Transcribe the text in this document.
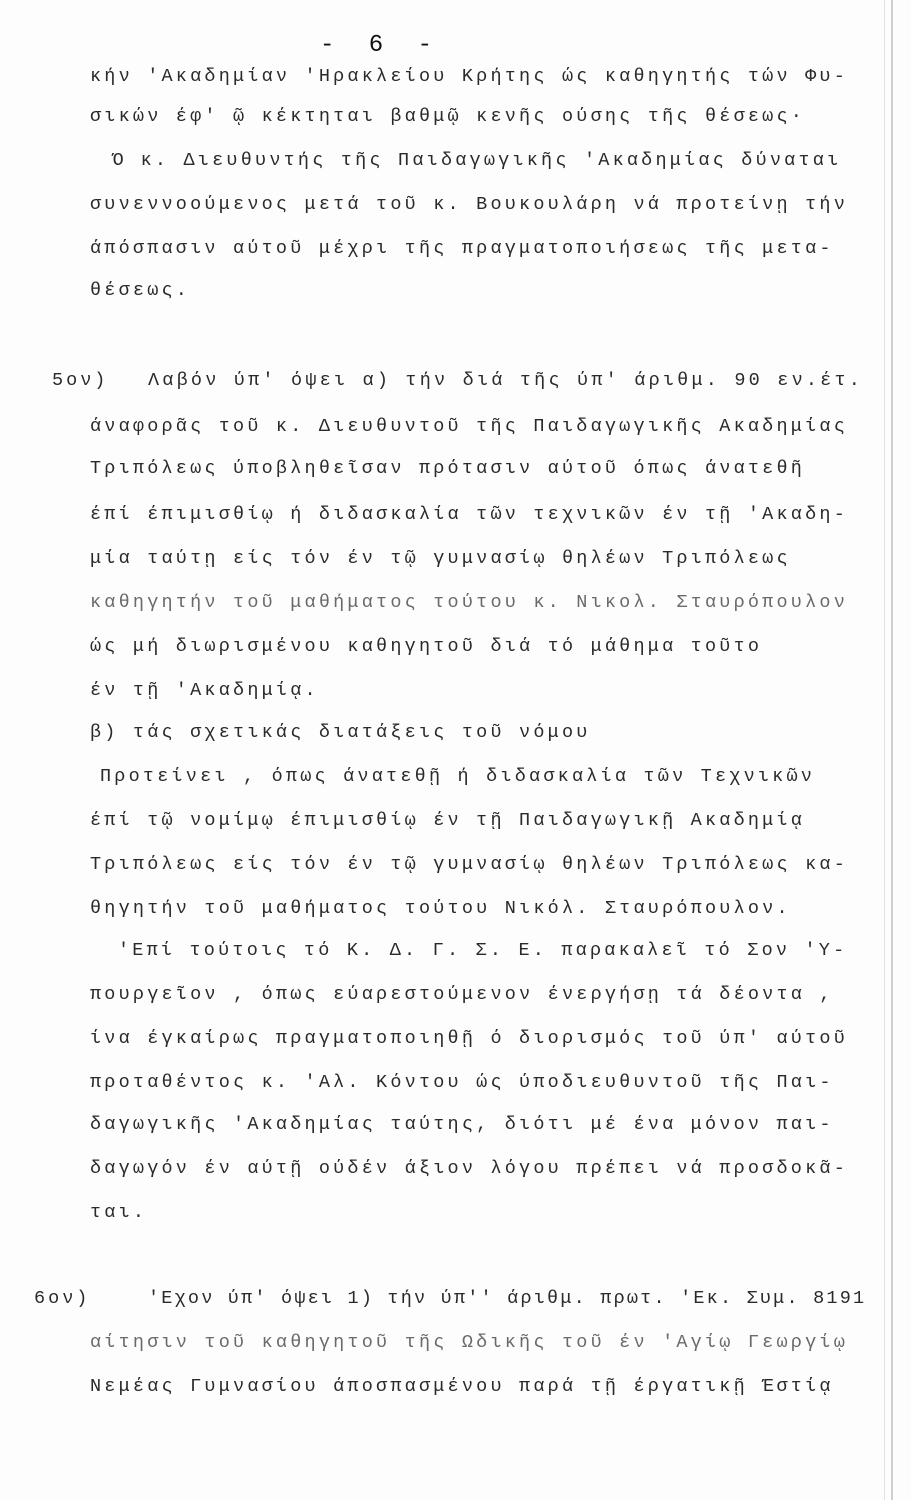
- 6 -
κήν 'Ακαδημίαν 'Ηρακλείου Κρήτης ώς καθηγητής τών Φυ-
σικών έφ' ῷ κέκτηται βαθμῷ κενῆς ούσης τῆς θέσεως·
Ό κ. Διευθυντής τῆς Παιδαγωγικῆς 'Ακαδημίας δύναται
συνεννοούμενος μετά τοῦ κ. Βουκουλάρη νά προτείνῃ τήν
άπόσπασιν αύτοῦ μέχρι τῆς πραγματοποιήσεως τῆς μετα-
θέσεως.
5ον) Λαβόν ύπ' όψει α) τήν διά τῆς ύπ' άριθμ. 90 εν.έτ.
άναφορᾶς τοῦ κ. Διευθυντοῦ τῆς Παιδαγωγικῆς Ακαδημίας
Τριπόλεως ύποβληθεῖσαν πρότασιν αύτοῦ όπως άνατεθῆ
έπί έπιμισθίῳ ή διδασκαλία τῶν τεχνικῶν έν τῇ 'Ακαδη-
μία ταύτῃ είς τόν έν τῷ γυμνασίῳ θηλέων Τριπόλεως
καθηγητήν τοῦ μαθήματος τούτου κ. Νικολ. Σταυρόπουλον
ώς μή διωρισμένου καθηγητοῦ διά τό μάθημα τοῦτο
έν τῇ 'Ακαδημίᾳ.
β) τάς σχετικάς διατάξεις τοῦ νόμου
Προτείνει , όπως άνατεθῇ ή διδασκαλία τῶν Τεχνικῶν
έπί τῷ νομίμῳ έπιμισθίῳ έν τῇ Παιδαγωγικῇ Ακαδημίᾳ
Τριπόλεως είς τόν έν τῷ γυμνασίῳ θηλέων Τριπόλεως κα-
θηγητήν τοῦ μαθήματος τούτου Νικόλ. Σταυρόπουλον.
'Επί τούτοις τό Κ. Δ. Γ. Σ. Ε. παρακαλεῖ τό Σον 'Υ-
πουργεῖον , όπως εύαρεστούμενον ένεργήσῃ τά δέοντα ,
ίνα έγκαίρως πραγματοποιηθῇ ό διορισμός τοῦ ύπ' αύτοῦ
προταθέντος κ. 'Αλ. Κόντου ώς ύποδιευθυντοῦ τῆς Παι-
δαγωγικῆς 'Ακαδημίας ταύτης, διότι μέ ένα μόνον παι-
δαγωγόν έν αύτῇ ούδέν άξιον λόγου πρέπει νά προσδοκᾶ-
ται.
6ον)	'Εχον ύπ' όψει 1) τήν ύπ'' άριθμ. πρωτ. 'Εκ. Συμ. 8191
αίτησιν τοῦ καθηγητοῦ τῆς Ωδικῆς τοῦ έν 'Αγίῳ Γεωργίῳ
Νεμέας Γυμνασίου άποσπασμένου παρά τῇ έργατικῇ Έστίᾳ
